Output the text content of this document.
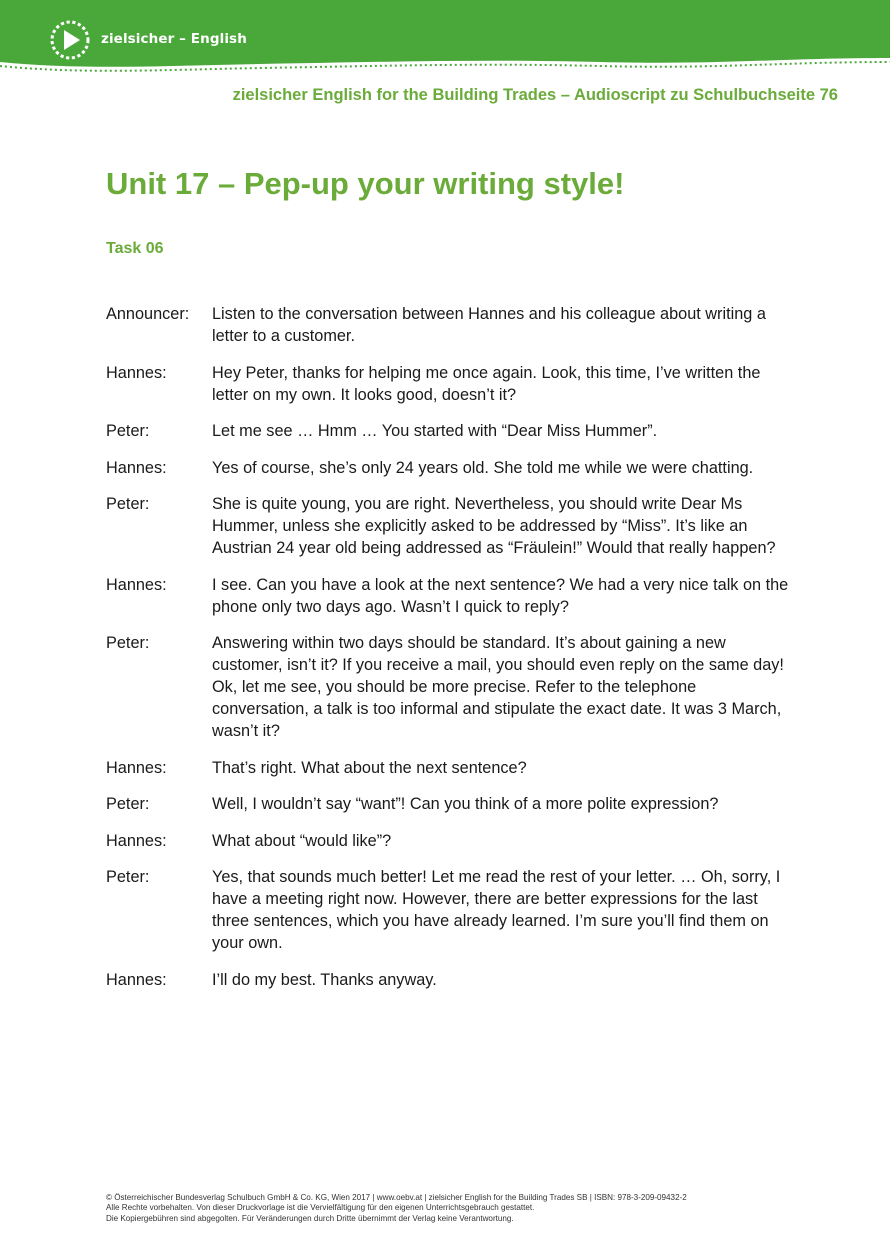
zielsicher – English
zielsicher English for the Building Trades – Audioscript zu Schulbuchseite 76
Unit 17 – Pep-up your writing style!
Task 06
Announcer:	Listen to the conversation between Hannes and his colleague about writing a letter to a customer.
Hannes:	Hey Peter, thanks for helping me once again. Look, this time, I’ve written the letter on my own. It looks good, doesn’t it?
Peter:	Let me see … Hmm … You started with “Dear Miss Hummer”.
Hannes:	Yes of course, she’s only 24 years old. She told me while we were chatting.
Peter:	She is quite young, you are right. Nevertheless, you should write Dear Ms Hummer, unless she explicitly asked to be addressed by “Miss”. It’s like an Austrian 24 year old being addressed as “Fräulein!” Would that really happen?
Hannes:	I see. Can you have a look at the next sentence? We had a very nice talk on the phone only two days ago. Wasn’t I quick to reply?
Peter:	Answering within two days should be standard. It’s about gaining a new customer, isn’t it? If you receive a mail, you should even reply on the same day! Ok, let me see, you should be more precise. Refer to the telephone conversation, a talk is too informal and stipulate the exact date. It was 3 March, wasn’t it?
Hannes:	That’s right. What about the next sentence?
Peter:	Well, I wouldn’t say “want”! Can you think of a more polite expression?
Hannes:	What about “would like”?
Peter:	Yes, that sounds much better! Let me read the rest of your letter. … Oh, sorry, I have a meeting right now. However, there are better expressions for the last three sentences, which you have already learned. I’m sure you’ll find them on your own.
Hannes:	I’ll do my best. Thanks anyway.
© Österreichischer Bundesverlag Schulbuch GmbH & Co. KG, Wien 2017 | www.oebv.at | zielsicher English for the Building Trades SB | ISBN: 978-3-209-09432-2
Alle Rechte vorbehalten. Von dieser Druckvorlage ist die Vervielfältigung für den eigenen Unterrichtsgebrauch gestattet.
Die Kopiergebühren sind abgegolten. Für Veränderungen durch Dritte übernimmt der Verlag keine Verantwortung.
